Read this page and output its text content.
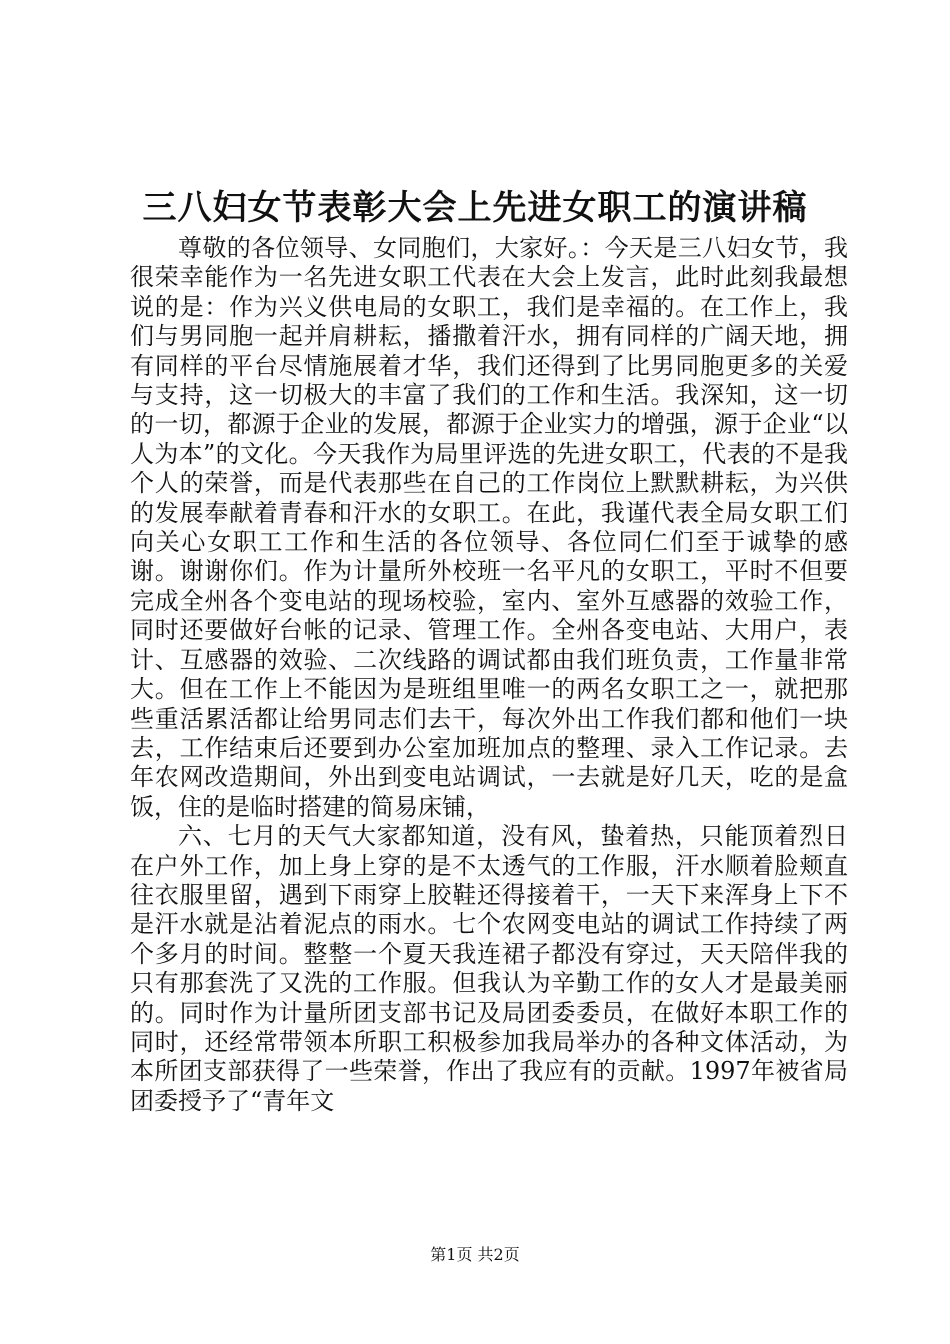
三八妇女节表彰大会上先进女职工的演讲稿

尊敬的各位领导、女同胞们，大家好。：今天是三八妇女节，我很荣幸能作为一名先进女职工代表在大会上发言，此时此刻我最想说的是：作为兴义供电局的女职工，我们是幸福的。在工作上，我们与男同胞一起并肩耕耘，播撒着汗水，拥有同样的广阔天地，拥有同样的平台尽情施展着才华，我们还得到了比男同胞更多的关爱与支持，这一切极大的丰富了我们的工作和生活。我深知，这一切的一切，都源于企业的发展，都源于企业实力的增强，源于企业“以人为本”的文化。今天我作为局里评选的先进女职工，代表的不是我个人的荣誉，而是代表那些在自己的工作岗位上默默耕耘，为兴供的发展奉献着青春和汗水的女职工。在此，我谨代表全局女职工们向关心女职工工作和生活的各位领导、各位同仁们至于诚挚的感谢。谢谢你们。作为计量所外校班一名平凡的女职工，平时不但要完成全州各个变电站的现场校验，室内、室外互感器的效验工作，同时还要做好台帐的记录、管理工作。全州各变电站、大用户，表计、互感器的效验、二次线路的调试都由我们班负责，工作量非常大。但在工作上不能因为是班组里唯一的两名女职工之一，就把那些重活累活都让给男同志们去干，每次外出工作我们都和他们一块去，工作结束后还要到办公室加班加点的整理、录入工作记录。去年农网改造期间，外出到变电站调试，一去就是好几天，吃的是盒饭，住的是临时搭建的简易床铺，

六、七月的天气大家都知道，没有风，蛰着热，只能顶着烈日在户外工作，加上身上穿的是不太透气的工作服，汗水顺着脸颊直往衣服里留，遇到下雨穿上胶鞋还得接着干，一天下来浑身上下不是汗水就是沾着泥点的雨水。七个农网变电站的调试工作持续了两个多月的时间。整整一个夏天我连裙子都没有穿过，天天陪伴我的只有那套洗了又洗的工作服。但我认为辛勤工作的女人才是最美丽的。同时作为计量所团支部书记及局团委委员，在做好本职工作的同时，还经常带领本所职工积极参加我局举办的各种文体活动，为本所团支部获得了一些荣誉，作出了我应有的贡献。1997年被省局团委授予了“青年文

第1页 共2页
